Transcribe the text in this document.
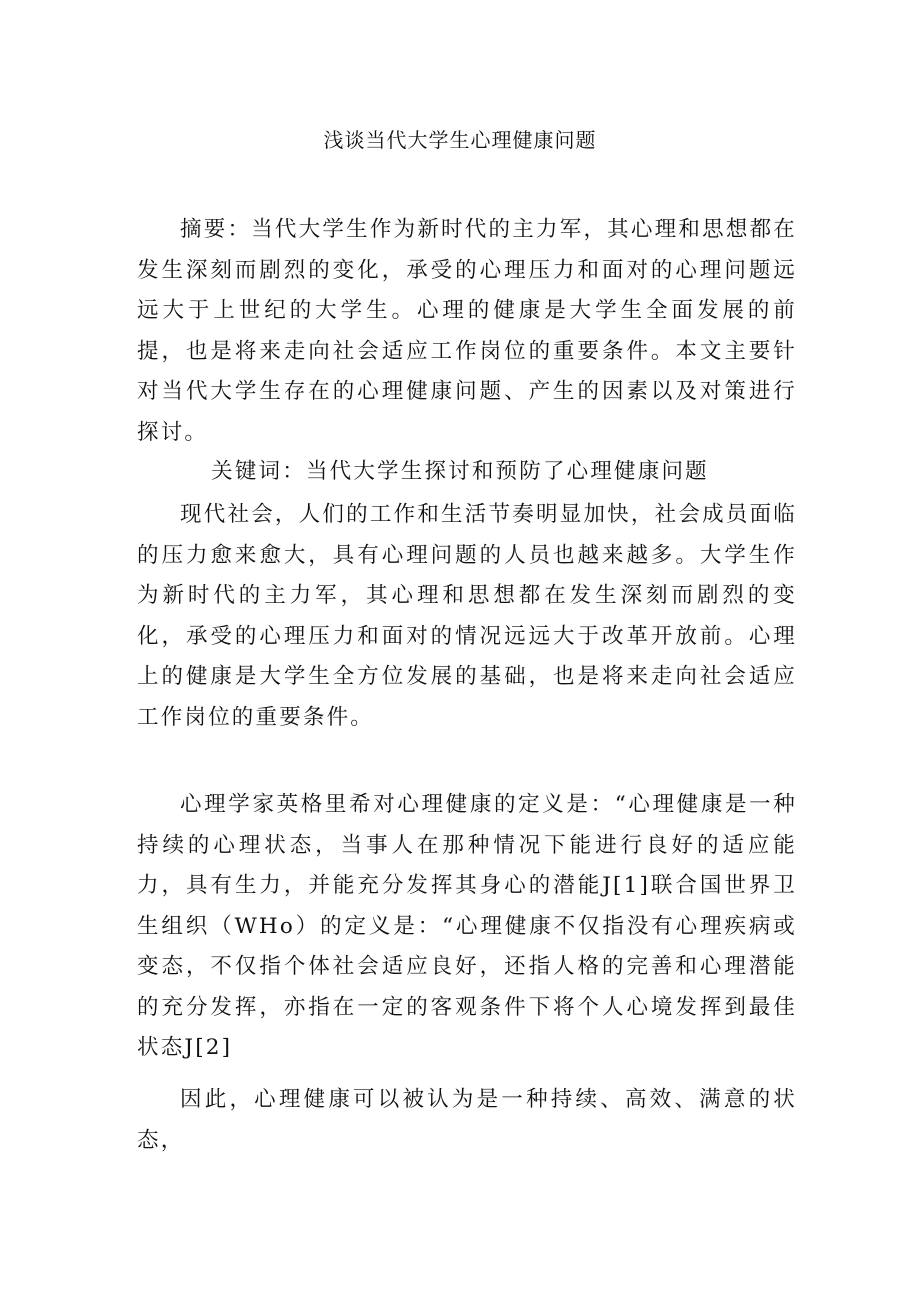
浅谈当代大学生心理健康问题

摘要：当代大学生作为新时代的主力军，其心理和思想都在发生深刻而剧烈的变化，承受的心理压力和面对的心理问题远远大于上世纪的大学生。心理的健康是大学生全面发展的前提，也是将来走向社会适应工作岗位的重要条件。本文主要针对当代大学生存在的心理健康问题、产生的因素以及对策进行探讨。

关键词：当代大学生探讨和预防了心理健康问题

现代社会，人们的工作和生活节奏明显加快，社会成员面临的压力愈来愈大，具有心理问题的人员也越来越多。大学生作为新时代的主力军，其心理和思想都在发生深刻而剧烈的变化，承受的心理压力和面对的情况远远大于改革开放前。心理上的健康是大学生全方位发展的基础，也是将来走向社会适应工作岗位的重要条件。

心理学家英格里希对心理健康的定义是：“心理健康是一种持续的心理状态，当事人在那种情况下能进行良好的适应能力，具有生力，并能充分发挥其身心的潜能J[1]联合国世界卫生组织（WHo）的定义是：“心理健康不仅指没有心理疾病或变态，不仅指个体社会适应良好，还指人格的完善和心理潜能的充分发挥，亦指在一定的客观条件下将个人心境发挥到最佳状态J[2]

因此，心理健康可以被认为是一种持续、高效、满意的状态，
